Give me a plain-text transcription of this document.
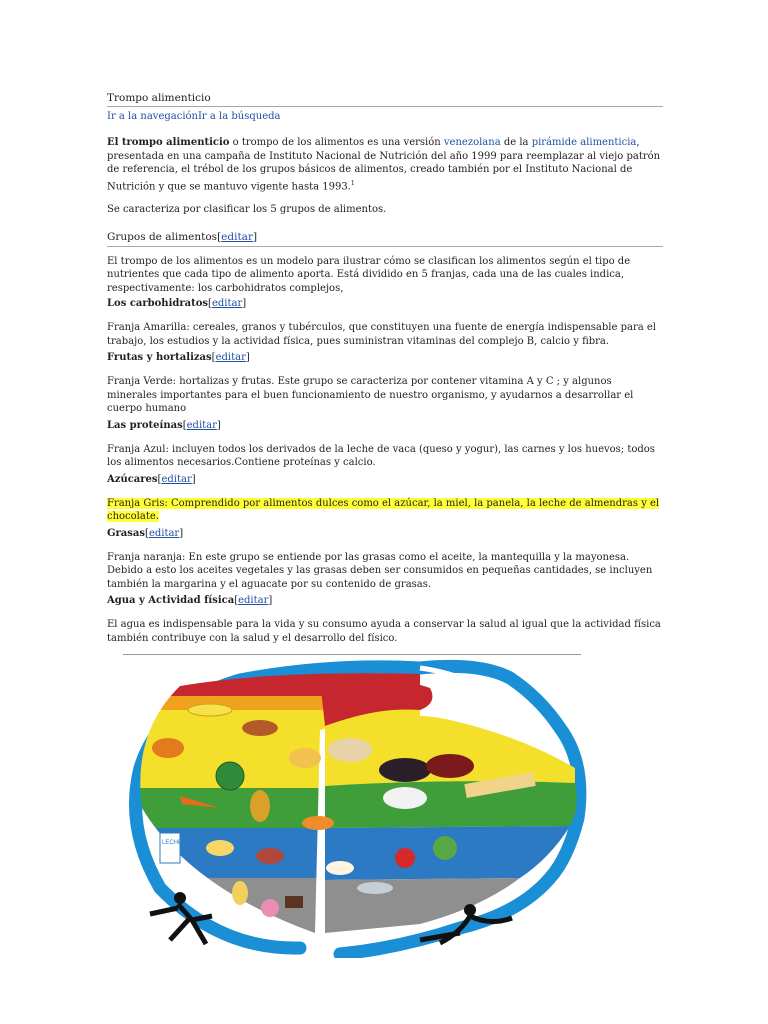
Trompo alimenticio
Ir a la navegaciónIr a la búsqueda

El trompo alimenticio o trompo de los alimentos es una versión venezolana de la pirámide alimenticia, presentada en una campaña de Instituto Nacional de Nutrición del año 1999 para reemplazar al viejo patrón de referencia, el trébol de los grupos básicos de alimentos, creado también por el Instituto Nacional de Nutrición y que se mantuvo vigente hasta 1993.$^1$

Se caracteriza por clasificar los 5 grupos de alimentos.

Grupos de alimentos[editar]

El trompo de los alimentos es un modelo para ilustrar cómo se clasifican los alimentos según el tipo de nutrientes que cada tipo de alimento aporta. Está dividido en 5 franjas, cada una de las cuales indica, respectivamente: los carbohidratos complejos,

Los carbohidratos[editar]

Franja Amarilla: cereales, granos y tubérculos, que constituyen una fuente de energía indispensable para el trabajo, los estudios y la actividad física, pues suministran vitaminas del complejo B, calcio y fibra.

Frutas y hortalizas[editar]

Franja Verde: hortalizas y frutas. Este grupo se caracteriza por contener vitamina A y C ; y algunos minerales importantes para el buen funcionamiento de nuestro organismo, y ayudarnos a desarrollar el cuerpo humano

Las proteínas[editar]

Franja Azul: incluyen todos los derivados de la leche de vaca (queso y yogur), las carnes y los huevos; todos los alimentos necesarios.Contiene proteínas y calcio.

Azúcares[editar]

Franja Gris: Comprendido por alimentos dulces como el azúcar, la miel, la panela, la leche de almendras y el chocolate.

Grasas[editar]

Franja naranja: En este grupo se entiende por las grasas como el aceite, la mantequilla y la mayonesa. Debido a esto los aceites vegetales y las grasas deben ser consumidos en pequeñas cantidades, se incluyen también la margarina y el aguacate por su contenido de grasas.

Agua y Actividad física[editar]

El agua es indispensable para la vida y su consumo ayuda a conservar la salud al igual que la actividad física también contribuye con la salud y el desarrollo del físico.

LECHE
